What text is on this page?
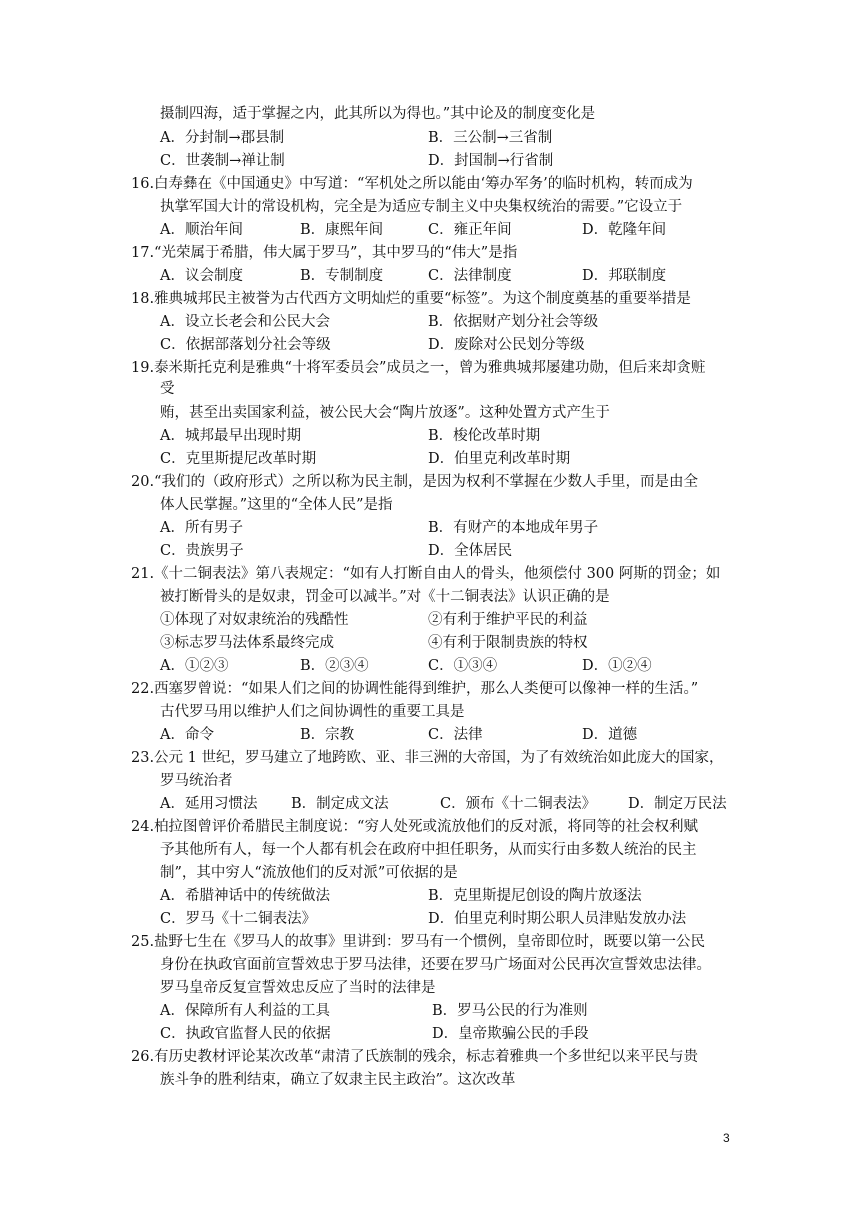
摄制四海，适于掌握之内，此其所以为得也。”其中论及的制度变化是
A．分封制→郡县制	B．三公制→三省制
C．世袭制→禅让制	D．封国制→行省制
16.白寿彝在《中国通史》中写道：“军机处之所以能由‘筹办军务’的临时机构，转而成为
执掌军国大计的常设机构，完全是为适应专制主义中央集权统治的需要。”它设立于
A．顺治年间	B．康熙年间	C．雍正年间	D．乾隆年间
17.“光荣属于希腊，伟大属于罗马”，其中罗马的“伟大”是指
A．议会制度	B．专制制度	C．法律制度	D．邦联制度
18.雅典城邦民主被誉为古代西方文明灿烂的重要“标签”。为这个制度奠基的重要举措是
A．设立长老会和公民大会	B．依据财产划分社会等级
C．依据部落划分社会等级	D．废除对公民划分等级
19.泰米斯托克利是雅典“十将军委员会”成员之一，曾为雅典城邦屡建功勋，但后来却贪赃
受
贿，甚至出卖国家利益，被公民大会“陶片放逐”。这种处置方式产生于
A．城邦最早出现时期	B．梭伦改革时期
C．克里斯提尼改革时期	D．伯里克利改革时期
20.“我们的（政府形式）之所以称为民主制，是因为权利不掌握在少数人手里，而是由全
体人民掌握。”这里的“全体人民”是指
A．所有男子	B．有财产的本地成年男子
C．贵族男子	D．全体居民
21.《十二铜表法》第八表规定：“如有人打断自由人的骨头，他须偿付 300 阿斯的罚金；如
被打断骨头的是奴隶，罚金可以减半。”对《十二铜表法》认识正确的是
①体现了对奴隶统治的残酷性	②有利于维护平民的利益
③标志罗马法体系最终完成	④有利于限制贵族的特权
A．①②③	B．②③④	C．①③④	D．①②④
22.西塞罗曾说：“如果人们之间的协调性能得到维护，那么人类便可以像神一样的生活。”
古代罗马用以维护人们之间协调性的重要工具是
A．命令	B．宗教	C．法律	D．道德
23.公元 1 世纪，罗马建立了地跨欧、亚、非三洲的大帝国，为了有效统治如此庞大的国家，
罗马统治者
A．延用习惯法 B．制定成文法	C．颁布《十二铜表法》 D．制定万民法
24.柏拉图曾评价希腊民主制度说：“穷人处死或流放他们的反对派，将同等的社会权利赋
予其他所有人，每一个人都有机会在政府中担任职务，从而实行由多数人统治的民主
制”，其中穷人“流放他们的反对派”可依据的是
A．希腊神话中的传统做法	B．克里斯提尼创设的陶片放逐法
C．罗马《十二铜表法》	D．伯里克利时期公职人员津贴发放办法
25.盐野七生在《罗马人的故事》里讲到：罗马有一个惯例，皇帝即位时，既要以第一公民
身份在执政官面前宣誓效忠于罗马法律，还要在罗马广场面对公民再次宣誓效忠法律。
罗马皇帝反复宣誓效忠反应了当时的法律是
A．保障所有人利益的工具	B．罗马公民的行为准则
C．执政官监督人民的依据	D．皇帝欺骗公民的手段
26.有历史教材评论某次改革“肃清了氏族制的残余，标志着雅典一个多世纪以来平民与贵
族斗争的胜利结束，确立了奴隶主民主政治”。这次改革
3
